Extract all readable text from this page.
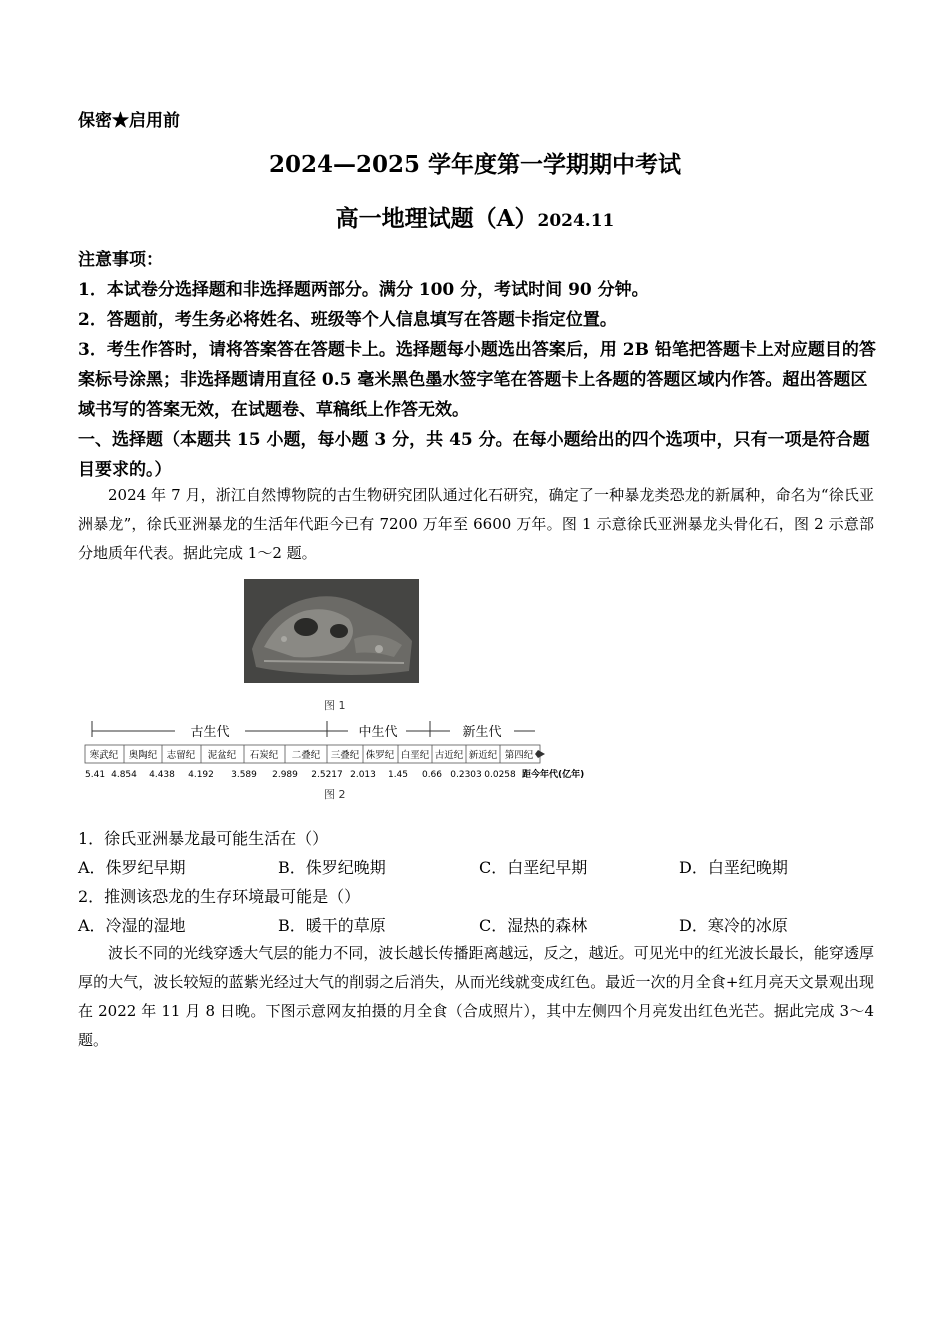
保密★启用前
2024—2025 学年度第一学期期中考试
高一地理试题（A）2024.11
注意事项：
1．本试卷分选择题和非选择题两部分。满分 100 分，考试时间 90 分钟。
2．答题前，考生务必将姓名、班级等个人信息填写在答题卡指定位置。
3．考生作答时，请将答案答在答题卡上。选择题每小题选出答案后，用 2B 铅笔把答题卡上对应题目的答案标号涂黑；非选择题请用直径 0.5 毫米黑色墨水签字笔在答题卡上各题的答题区域内作答。超出答题区域书写的答案无效，在试题卷、草稿纸上作答无效。
一、选择题（本题共 15 小题，每小题 3 分，共 45 分。在每小题给出的四个选项中，只有一项是符合题目要求的。）
2024 年 7 月，浙江自然博物院的古生物研究团队通过化石研究，确定了一种暴龙类恐龙的新属种，命名为“徐氏亚洲暴龙”，徐氏亚洲暴龙的生活年代距今已有 7200 万年至 6600 万年。图 1 示意徐氏亚洲暴龙头骨化石，图 2 示意部分地质年代表。据此完成 1～2 题。
图 1
古生代	中生代	新生代
寒武纪 奥陶纪 志留纪 泥盆纪 石炭纪 二叠纪 三叠纪 侏罗纪 白垩纪 古近纪 新近纪 第四纪
5.41 4.854 4.438 4.192 3.589 2.989 2.5217 2.013 1.45 0.66 0.2303 0.0258 距今年代(亿年)
图 2
1．徐氏亚洲暴龙最可能生活在（）
A．侏罗纪早期	B．侏罗纪晚期	C．白垩纪早期	D．白垩纪晚期
2．推测该恐龙的生存环境最可能是（）
A．冷湿的湿地	B．暖干的草原	C．湿热的森林	D．寒冷的冰原
波长不同的光线穿透大气层的能力不同，波长越长传播距离越远，反之，越近。可见光中的红光波长最长，能穿透厚厚的大气，波长较短的蓝紫光经过大气的削弱之后消失，从而光线就变成红色。最近一次的月全食+红月亮天文景观出现在 2022 年 11 月 8 日晚。下图示意网友拍摄的月全食（合成照片），其中左侧四个月亮发出红色光芒。据此完成 3～4 题。
